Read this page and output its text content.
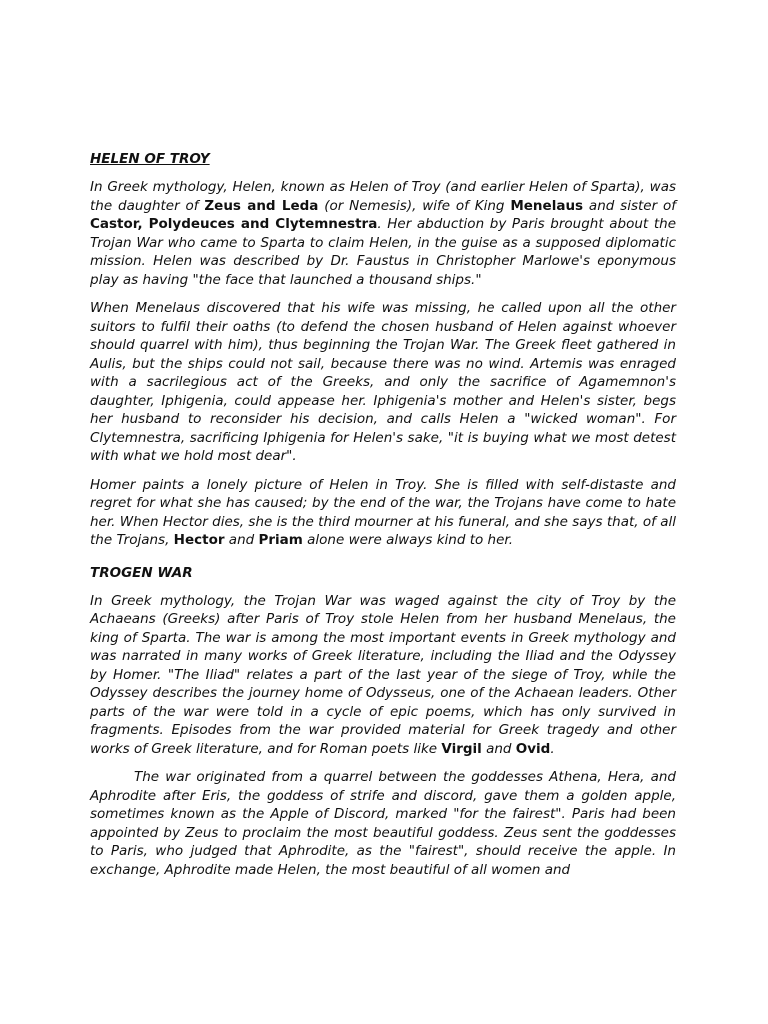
HELEN OF TROY

In Greek mythology, Helen, known as Helen of Troy (and earlier Helen of Sparta), was the daughter of Zeus and Leda (or Nemesis), wife of King Menelaus and sister of Castor, Polydeuces and Clytemnestra. Her abduction by Paris brought about the Trojan War who came to Sparta to claim Helen, in the guise as a supposed diplomatic mission. Helen was described by Dr. Faustus in Christopher Marlowe's eponymous play as having "the face that launched a thousand ships."

When Menelaus discovered that his wife was missing, he called upon all the other suitors to fulfil their oaths (to defend the chosen husband of Helen against whoever should quarrel with him), thus beginning the Trojan War. The Greek fleet gathered in Aulis, but the ships could not sail, because there was no wind. Artemis was enraged with a sacrilegious act of the Greeks, and only the sacrifice of Agamemnon's daughter, Iphigenia, could appease her. Iphigenia's mother and Helen's sister, begs her husband to reconsider his decision, and calls Helen a "wicked woman". For Clytemnestra, sacrificing Iphigenia for Helen's sake, "it is buying what we most detest with what we hold most dear".

Homer paints a lonely picture of Helen in Troy. She is filled with self-distaste and regret for what she has caused; by the end of the war, the Trojans have come to hate her. When Hector dies, she is the third mourner at his funeral, and she says that, of all the Trojans, Hector and Priam alone were always kind to her.

TROGEN WAR

In Greek mythology, the Trojan War was waged against the city of Troy by the Achaeans (Greeks) after Paris of Troy stole Helen from her husband Menelaus, the king of Sparta. The war is among the most important events in Greek mythology and was narrated in many works of Greek literature, including the Iliad and the Odyssey by Homer. "The Iliad" relates a part of the last year of the siege of Troy, while the Odyssey describes the journey home of Odysseus, one of the Achaean leaders. Other parts of the war were told in a cycle of epic poems, which has only survived in fragments. Episodes from the war provided material for Greek tragedy and other works of Greek literature, and for Roman poets like Virgil and Ovid.

The war originated from a quarrel between the goddesses Athena, Hera, and Aphrodite after Eris, the goddess of strife and discord, gave them a golden apple, sometimes known as the Apple of Discord, marked "for the fairest". Paris had been appointed by Zeus to proclaim the most beautiful goddess. Zeus sent the goddesses to Paris, who judged that Aphrodite, as the "fairest", should receive the apple. In exchange, Aphrodite made Helen, the most beautiful of all women and
